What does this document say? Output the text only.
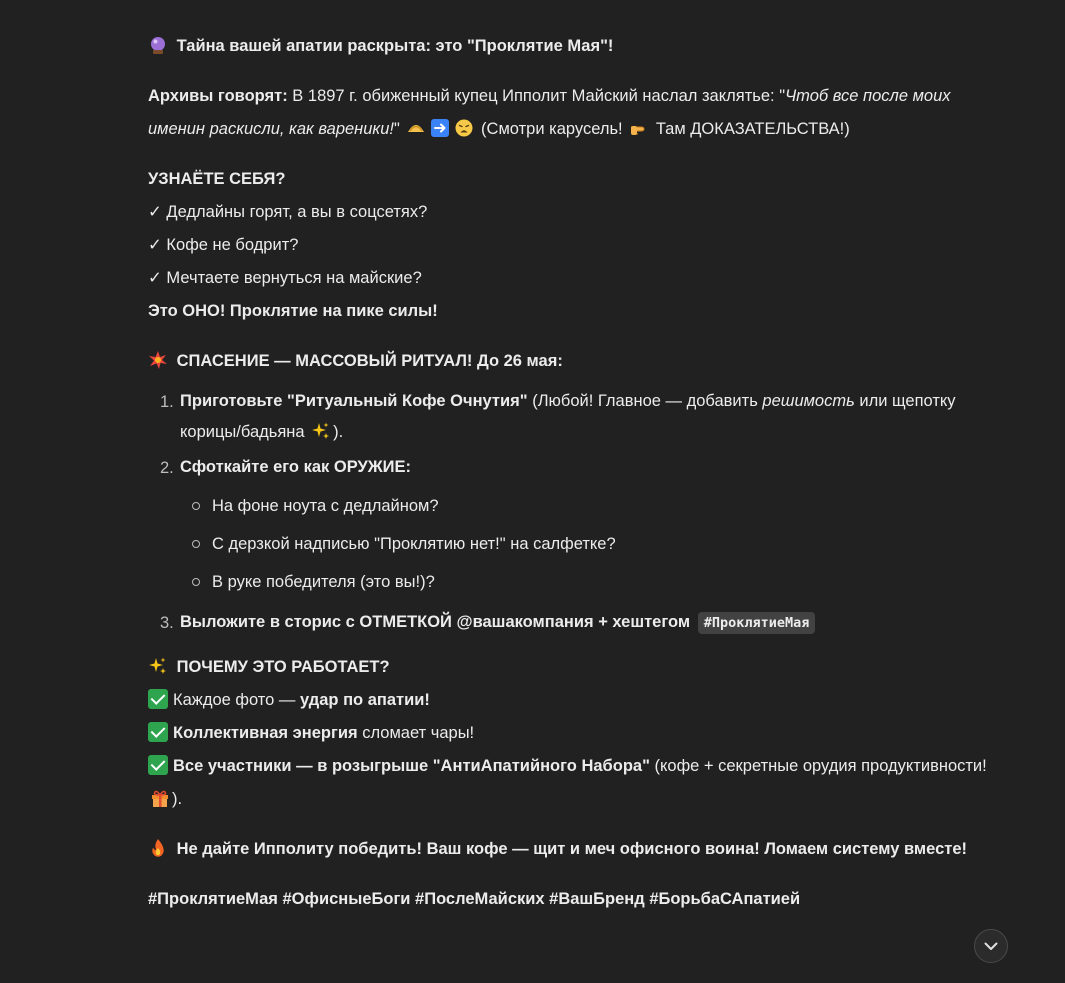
Тайна вашей апатии раскрыта: это "Проклятие Мая"!

Архивы говорят: В 1897 г. обиженный купец Ипполит Майский наслал заклятье: "Чтоб все после моих именин раскисли, как вареники!"	(Смотри карусель!  Там ДОКАЗАТЕЛЬСТВА!)

УЗНАЁТЕ СЕБЯ?

✓ Дедлайны горят, а вы в соцсетях?

✓ Кофе не бодрит?

✓ Мечтаете вернуться на майские?

Это ОНО! Проклятие на пике силы!

СПАСЕНИЕ — МАССОВЫЙ РИТУАЛ! До 26 мая:

1. Приготовьте "Ритуальный Кофе Очнутия" (Любой! Главное — добавить решимость или щепотку корицы/бадьяна ).

2. Сфоткайте его как ОРУЖИЕ:

На фоне ноута с дедлайном?
С дерзкой надписью "Проклятию нет!" на салфетке?
В руке победителя (это вы!)?
3. Выложите в сторис с ОТМЕТКОЙ @вашакомпания + хештегом #ПроклятиеМая

ПОЧЕМУ ЭТО РАБОТАЕТ?

Каждое фото — удар по апатии!

Коллективная энергия сломает чары!

Все участники — в розыгрыше "АнтиАпатийного Набора" (кофе + секретные орудия продуктивности! ).

Не дайте Ипполиту победить! Ваш кофе — щит и меч офисного воина! Ломаем систему вместе!

#ПроклятиеМая #ОфисныеБоги #ПослеМайских #ВашБренд #БорьбаСАпатией
